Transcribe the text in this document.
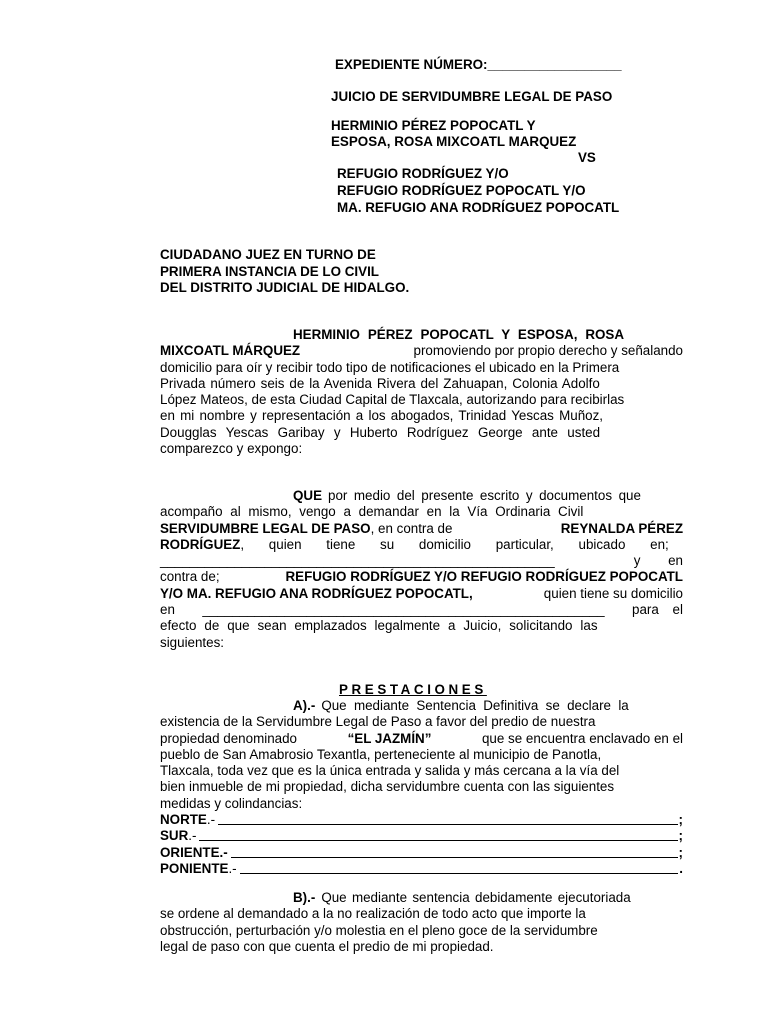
EXPEDIENTE NÚMERO:__________________
JUICIO DE SERVIDUMBRE LEGAL DE PASO
HERMINIO PÉREZ POPOCATL Y
ESPOSA, ROSA MIXCOATL MARQUEZ
VS
REFUGIO RODRÍGUEZ Y/O
REFUGIO RODRÍGUEZ POPOCATL Y/O
MA. REFUGIO ANA RODRÍGUEZ POPOCATL
CIUDADANO JUEZ EN TURNO DE
PRIMERA INSTANCIA DE LO CIVIL
DEL DISTRITO JUDICIAL DE HIDALGO.
HERMINIO PÉREZ POPOCATL Y ESPOSA, ROSA
MIXCOATL MÁRQUEZ	promoviendo por propio derecho y señalando
domicilio para oír y recibir todo tipo de notificaciones el ubicado en la Primera
Privada número seis de la Avenida Rivera del Zahuapan, Colonia Adolfo
López Mateos, de esta Ciudad Capital de Tlaxcala, autorizando para recibirlas
en mi nombre y representación a los abogados, Trinidad Yescas Muñoz,
Dougglas Yescas Garibay y Huberto Rodríguez George ante usted
comparezco y expongo:
QUE por medio del presente escrito y documentos que
acompaño al mismo, vengo a demandar en la Vía Ordinaria Civil
SERVIDUMBRE LEGAL DE PASO, en contra de	REYNALDA PÉREZ
RODRÍGUEZ, quien tiene su domicilio particular, ubicado en;
_____________________________________________________	y en
contra de;	REFUGIO RODRÍGUEZ Y/O REFUGIO RODRÍGUEZ POPOCATL
Y/O MA. REFUGIO ANA RODRÍGUEZ POPOCATL,	quien tiene su domicilio
en ______________________________________________________ para el
efecto de que sean emplazados legalmente a Juicio, solicitando las
siguientes:
PRESTACIONES
A).- Que mediante Sentencia Definitiva se declare la
existencia de la Servidumbre Legal de Paso a favor del predio de nuestra
propiedad denominado	“EL JAZMÍN”	que se encuentra enclavado en el
pueblo de San Amabrosio Texantla, perteneciente al municipio de Panotla,
Tlaxcala, toda vez que es la única entrada y salida y más cercana a la vía del
bien inmueble de mi propiedad, dicha servidumbre cuenta con las siguientes
medidas y colindancias:
NORTE .-	;
SUR .-	;
ORIENTE.-	;
PONIENTE .-	.
B).- Que mediante sentencia debidamente ejecutoriada
se ordene al demandado a la no realización de todo acto que importe la
obstrucción, perturbación y/o molestia en el pleno goce de la servidumbre
legal de paso con que cuenta el predio de mi propiedad.
